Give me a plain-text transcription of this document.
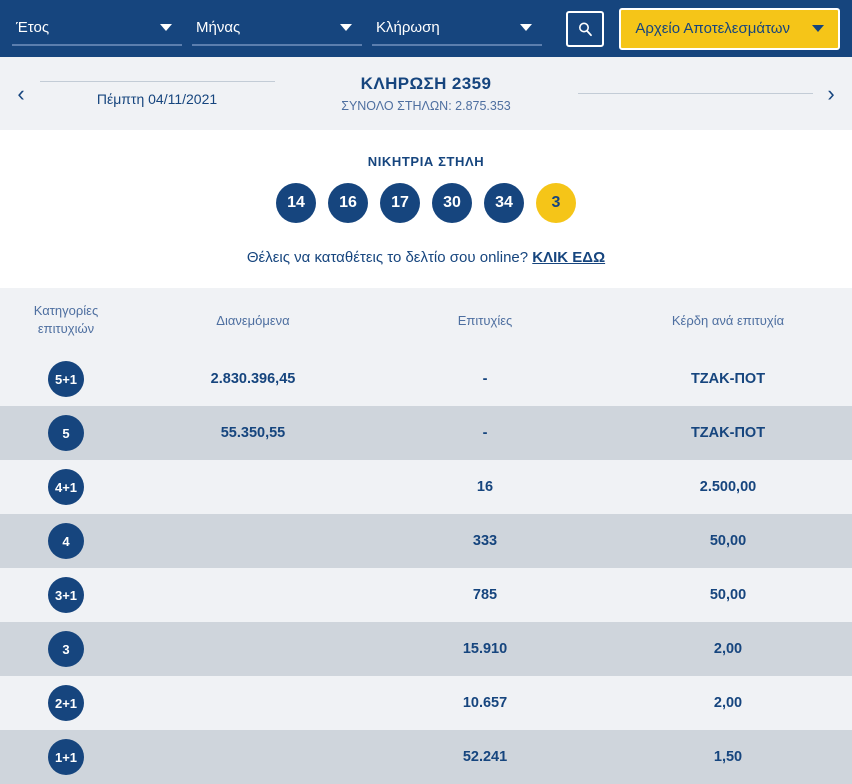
Έτος	Μήνας	Κλήρωση	Αρχείο Αποτελεσμάτων
‹	Πέμπτη 04/11/2021
ΚΛΗΡΩΣΗ 2359
ΣΥΝΟΛΟ ΣΤΗΛΩΝ: 2.875.353
›
ΝΙΚΗΤΡΙΑ ΣΤΗΛΗ
14	16	17	30	34	3
Θέλεις να καταθέτεις το δελτίο σου online? ΚΛΙΚ ΕΔΩ
Κατηγορίες
επιτυχιών	Διανεμόμενα	Επιτυχίες	Κέρδη ανά επιτυχία
5+1	2.830.396,45	-	ΤΖΑΚ-ΠΟΤ
5	55.350,55	-	ΤΖΑΚ-ΠΟΤ
4+1		16	2.500,00
4		333	50,00
3+1		785	50,00
3		15.910	2,00
2+1		10.657	2,00
1+1		52.241	1,50
